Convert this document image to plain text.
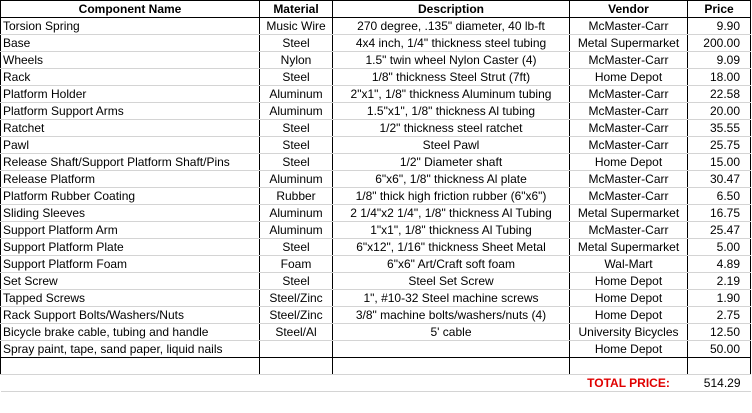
Component Name	Material	Description	Vendor	Price
Torsion Spring	Music Wire	270 degree, .135" diameter, 40 lb-ft	McMaster-Carr	9.90
Base	Steel	4x4 inch, 1/4" thickness steel tubing	Metal Supermarket	200.00
Wheels	Nylon	1.5" twin wheel Nylon Caster (4)	McMaster-Carr	9.09
Rack	Steel	1/8" thickness Steel Strut (7ft)	Home Depot	18.00
Platform Holder	Aluminum	2"x1", 1/8" thickness Aluminum tubing	McMaster-Carr	22.58
Platform Support Arms	Aluminum	1.5"x1", 1/8" thickness Al tubing	McMaster-Carr	20.00
Ratchet	Steel	1/2" thickness steel ratchet	McMaster-Carr	35.55
Pawl	Steel	Steel Pawl	McMaster-Carr	25.75
Release Shaft/Support Platform Shaft/Pins	Steel	1/2" Diameter shaft	Home Depot	15.00
Release Platform	Aluminum	6"x6", 1/8" thickness Al plate	McMaster-Carr	30.47
Platform Rubber Coating	Rubber	1/8" thick high friction rubber (6"x6")	McMaster-Carr	6.50
Sliding Sleeves	Aluminum	2 1/4"x2 1/4", 1/8" thickness Al Tubing	Metal Supermarket	16.75
Support Platform Arm	Aluminum	1"x1", 1/8" thickness Al Tubing	McMaster-Carr	25.47
Support Platform Plate	Steel	6"x12", 1/16" thickness Sheet Metal	Metal Supermarket	5.00
Support Platform Foam	Foam	6"x6" Art/Craft soft foam	Wal-Mart	4.89
Set Screw	Steel	Steel Set Screw	Home Depot	2.19
Tapped Screws	Steel/Zinc	1", #10-32 Steel machine screws	Home Depot	1.90
Rack Support Bolts/Washers/Nuts	Steel/Zinc	3/8" machine bolts/washers/nuts (4)	Home Depot	2.75
Bicycle brake cable, tubing and handle	Steel/Al	5' cable	University Bicycles	12.50
Spray paint, tape, sand paper, liquid nails			Home Depot	50.00

			TOTAL PRICE:	514.29
